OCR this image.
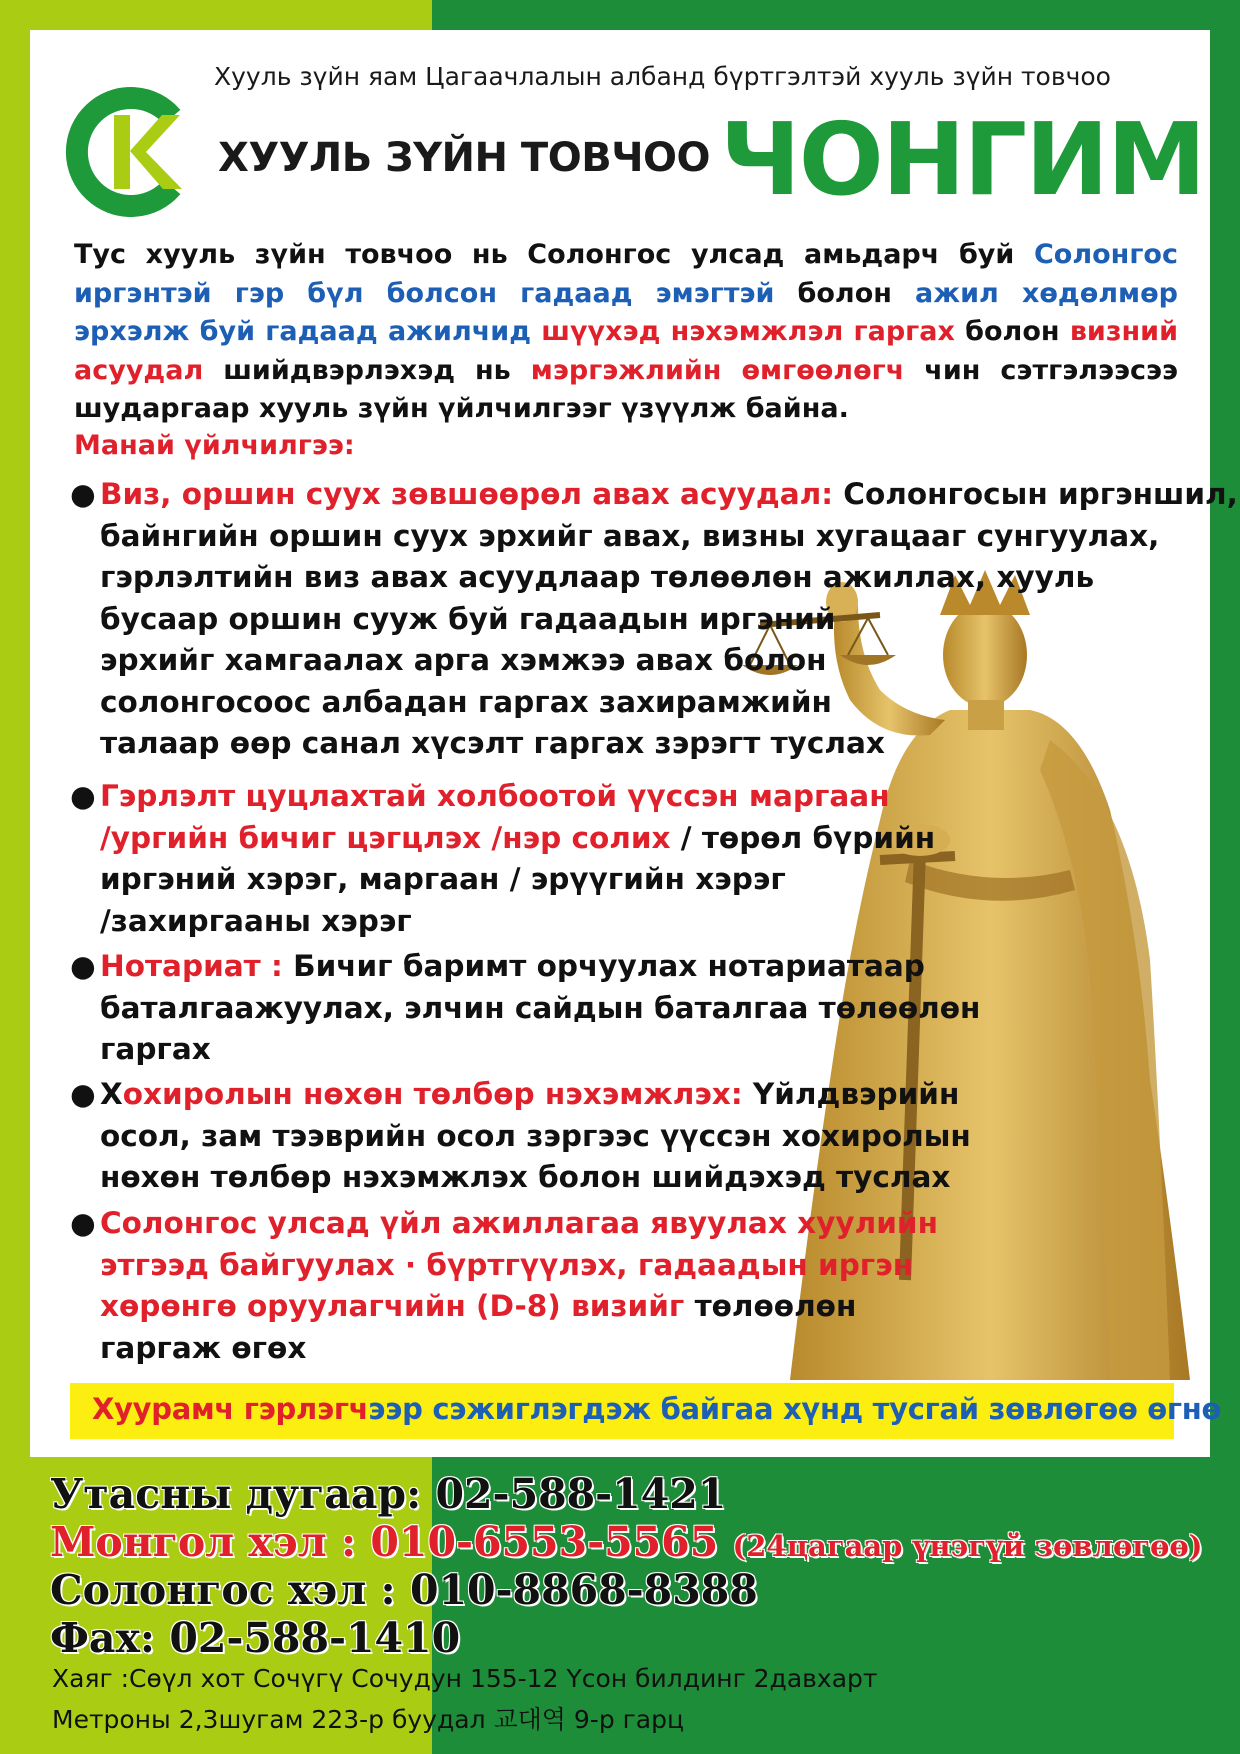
Хууль зүйн яам Цагаачлалын албанд бүртгэлтэй хууль зүйн товчоо
ХУУЛЬ ЗҮЙН ТОВЧОО ЧОНГИМ
Тус хууль зүйн товчоо нь Солонгос улсад амьдарч буй Солонгос иргэнтэй гэр бүл болсон гадаад эмэгтэй болон ажил хөдөлмөр эрхэлж буй гадаад ажилчид шүүхэд нэхэмжлэл гаргах болон визний асуудал шийдвэрлэхэд нь мэргэжлийн өмгөөлөгч чин сэтгэлээсээ шударгаар хууль зүйн үйлчилгээг үзүүлж байна.
Манай үйлчилгээ:
● Виз, оршин суух зөвшөөрөл авах асуудал: Солонгосын иргэншил,
байнгийн оршин суух эрхийг авах, визны хугацааг сунгуулах,
гэрлэлтийн виз авах асуудлаар төлөөлөн ажиллах, хууль
бусаар оршин сууж буй гадаадын иргэний
эрхийг хамгаалах арга хэмжээ авах болон
солонгосоос албадан гаргах захирамжийн
талаар өөр санал хүсэлт гаргах зэрэгт туслах
● Гэрлэлт цуцлахтай холбоотой үүссэн маргаан
/ургийн бичиг цэгцлэх /нэр солих / төрөл бүрийн
иргэний хэрэг, маргаан / эрүүгийн хэрэг
/захиргааны хэрэг
● Нотариат : Бичиг баримт орчуулах нотариатаар
баталгаажуулах, элчин сайдын баталгаа төлөөлөн
гаргах
● Хохиролын нөхөн төлбөр нэхэмжлэх: Үйлдвэрийн
осол, зам тээврийн осол зэргээс үүссэн хохиролын
нөхөн төлбөр нэхэмжлэх болон шийдэхэд туслах
● Солонгос улсад үйл ажиллагаа явуулах хуулийн
этгээд байгуулах · бүртгүүлэх, гадаадын иргэн
хөрөнгө оруулагчийн (D-8) визийг төлөөлөн
гаргаж өгөх
Хуурамч гэрлэгчээр сэжиглэгдэж байгаа хүнд тусгай зөвлөгөө өгнө
Утасны дугаар: 02-588-1421
Монгол хэл : 010-6553-5565 (24цагаар үнэгүй зөвлөгөө)
Солонгос хэл : 010-8868-8388
Фах: 02-588-1410
Хаяг :Сөүл хот Сочүгү Сочудун 155-12 Үсон билдинг 2давхарт
Метроны 2,3шугам 223-р буудал 교대역 9-р гарц
